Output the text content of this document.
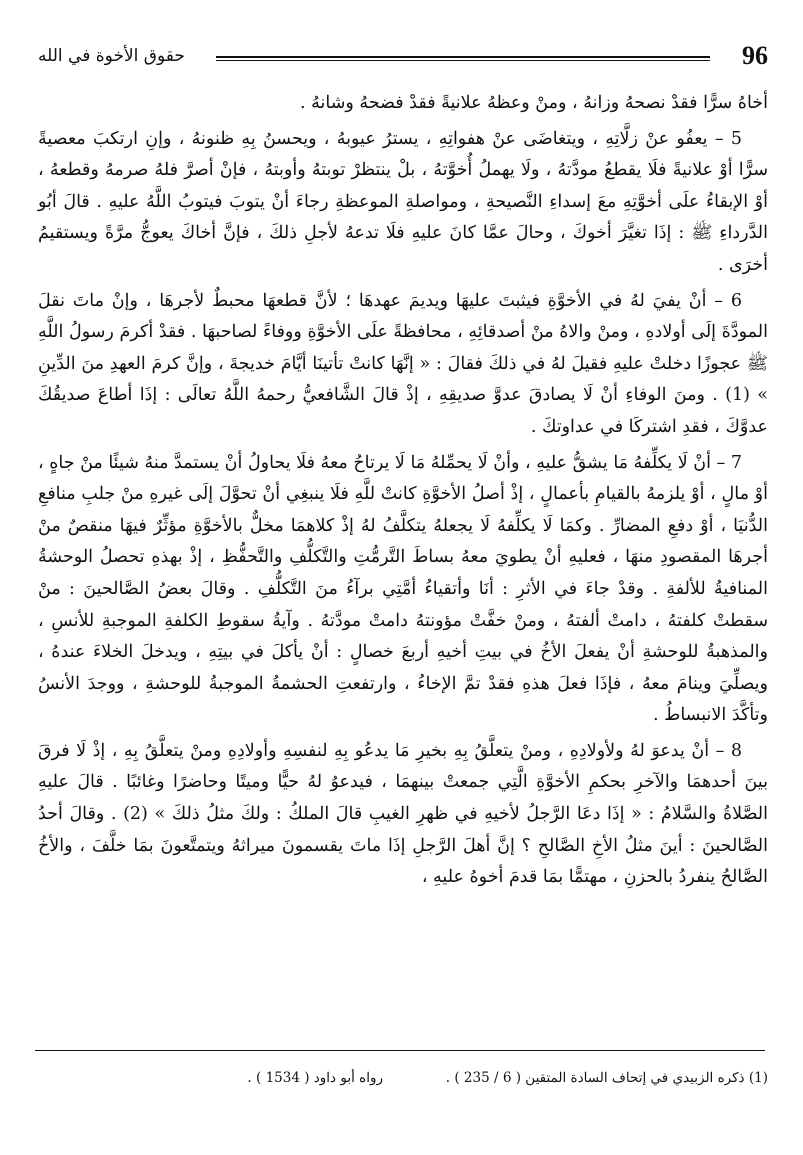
96
حقوق الأخوة في الله

أخاهُ سرًّا فقدْ نصحهُ وزانهُ ، ومنْ وعظهُ علانيةً فقدْ فضحهُ وشانهُ .

5 – يعفُو عنْ زلَّاتِهِ ، ويتغاضَى عنْ هفواتِهِ ، يسترُ عيوبهُ ، ويحسنُ بِهِ ظنونهُ ، وإنِ ارتكبَ معصيةً سرًّا أوْ علانيةً فلَا يقطعُ مودَّتهُ ، ولَا يهملُ أُخوَّتهُ ، بلْ ينتظرْ توبتهُ وأوبتهُ ، فإنْ أصرَّ فلهُ صرمهُ وقطعهُ ، أوْ الإبقاءُ علَى أخوَّتِهِ معَ إسداءِ النَّصيحةِ ، ومواصلةِ الموعظةِ رجاءَ أنْ يتوبَ فيتوبُ اللَّهُ عليهِ . قالَ أبُو الدَّرداءِ ﷺ : إذَا تغيَّرَ أخوكَ ، وحالَ عمَّا كانَ عليهِ فلَا تدعهُ لأجلِ ذلكَ ، فإنَّ أخاكَ يعوجُّ مرَّةً ويستقيمُ أخرَى .

6 – أنْ يفيَ لهُ في الأخوَّةِ فيثبتَ عليهَا ويديمَ عهدهَا ؛ لأنَّ قطعهَا محبطٌ لأجرهَا ، وإنْ ماتَ نقلَ المودَّةَ إلَى أولادهِ ، ومنْ والاهُ منْ أصدقائِهِ ، محافظةً علَى الأخوَّةِ ووفاءً لصاحبهَا . فقدْ أكرمَ رسولُ اللَّهِ ﷺ عجوزًا دخلتْ عليهِ فقيلَ لهُ في ذلكَ فقالَ : « إنَّهَا كانتْ تأتينَا أيَّامَ خديجةَ ، وإنَّ كرمَ العهدِ منَ الدِّينِ » (1) . ومنَ الوفاءِ أنْ لَا يصادقَ عدوَّ صديقِهِ ، إذْ قالَ الشَّافعيُّ رحمهُ اللَّهُ تعالَى : إذَا أطاعَ صديقُكَ عدوَّكَ ، فقدِ اشتركَا في عداوتكَ .

7 – أنْ لَا يكلِّفهُ مَا يشقُّ عليهِ ، وأنْ لَا يحمِّلهُ مَا لَا يرتاحُ معهُ فلَا يحاولُ أنْ يستمدَّ منهُ شيئًا منْ جاهٍ ، أوْ مالٍ ، أوْ يلزمهُ بالقيامِ بأعمالٍ ، إذْ أصلُ الأخوَّةِ كانتْ للَّهِ فلَا ينبغِي أنْ تحوَّلَ إلَى غيرهِ منْ جلبِ منافعِ الدُّنيَا ، أوْ دفعِ المضارِّ . وكمَا لَا يكلِّفهُ لَا يجعلهُ يتكلَّفُ لهُ إذْ كلاهمَا مخلٌّ بالأخوَّةِ مؤثِّرٌ فيهَا منقصٌ منْ أجرهَا المقصودِ منهَا ، فعليهِ أنْ يطويَ معهُ بساطَ التَّرمُّتِ والتَّكلُّفِ والتَّحفُّظِ ، إذْ بهذهِ تحصلُ الوحشةُ المنافيةُ للألفةِ . وقدْ جاءَ في الأثرِ : أنَا وأتقياءُ أمَّتِي برآءُ منَ التَّكلُّفِ . وقالَ بعضُ الصَّالحينَ : منْ سقطتْ كلفتهُ ، دامتْ ألفتهُ ، ومنْ خفَّتْ مؤونتهُ دامتْ مودَّتهُ . وآيةُ سقوطِ الكلفةِ الموجبةِ للأنسِ ، والمذهبةُ للوحشةِ أنْ يفعلَ الأخُ في بيتِ أخيهِ أربعَ خصالٍ : أنْ يأكلَ في بيتِهِ ، ويدخلَ الخلاءَ عندهُ ، ويصلِّيَ وينامَ معهُ ، فإذَا فعلَ هذهِ فقدْ تمَّ الإخاءُ ، وارتفعتِ الحشمةُ الموجبةُ للوحشةِ ، ووجدَ الأنسُ وتأكَّدَ الانبساطُ .

8 – أنْ يدعوَ لهُ ولأولادِهِ ، ومنْ يتعلَّقُ بِهِ بخيرِ مَا يدعُو بِهِ لنفسِهِ وأولادِهِ ومنْ يتعلَّقُ بِهِ ، إذْ لَا فرقَ بينَ أحدهمَا والآخرِ بحكمِ الأخوَّةِ الَّتِي جمعتْ بينهمَا ، فيدعوُ لهُ حيًّا وميتًا وحاضرًا وغائبًا . قالَ عليهِ الصَّلاةُ والسَّلامُ : « إذَا دعَا الرَّجلُ لأخيهِ في ظهرِ الغيبِ قالَ الملكُ : ولكَ مثلُ ذلكَ » (2) . وقالَ أحدُ الصَّالحينَ : أينَ مثلُ الأخِ الصَّالحِ ؟ إنَّ أهلَ الرَّجلِ إذَا ماتَ يقسمونَ ميراثهُ ويتمتَّعونَ بمَا خلَّفَ ، والأخُ الصَّالحُ ينفردُ بالحزنِ ، مهتمًّا بمَا قدمَ أخوهُ عليهِ ،

(1) ذكره الزبيدي في إتحاف السادة المتقين ( 6 / 235 ) .
رواه أبو داود ( 1534 ) .
